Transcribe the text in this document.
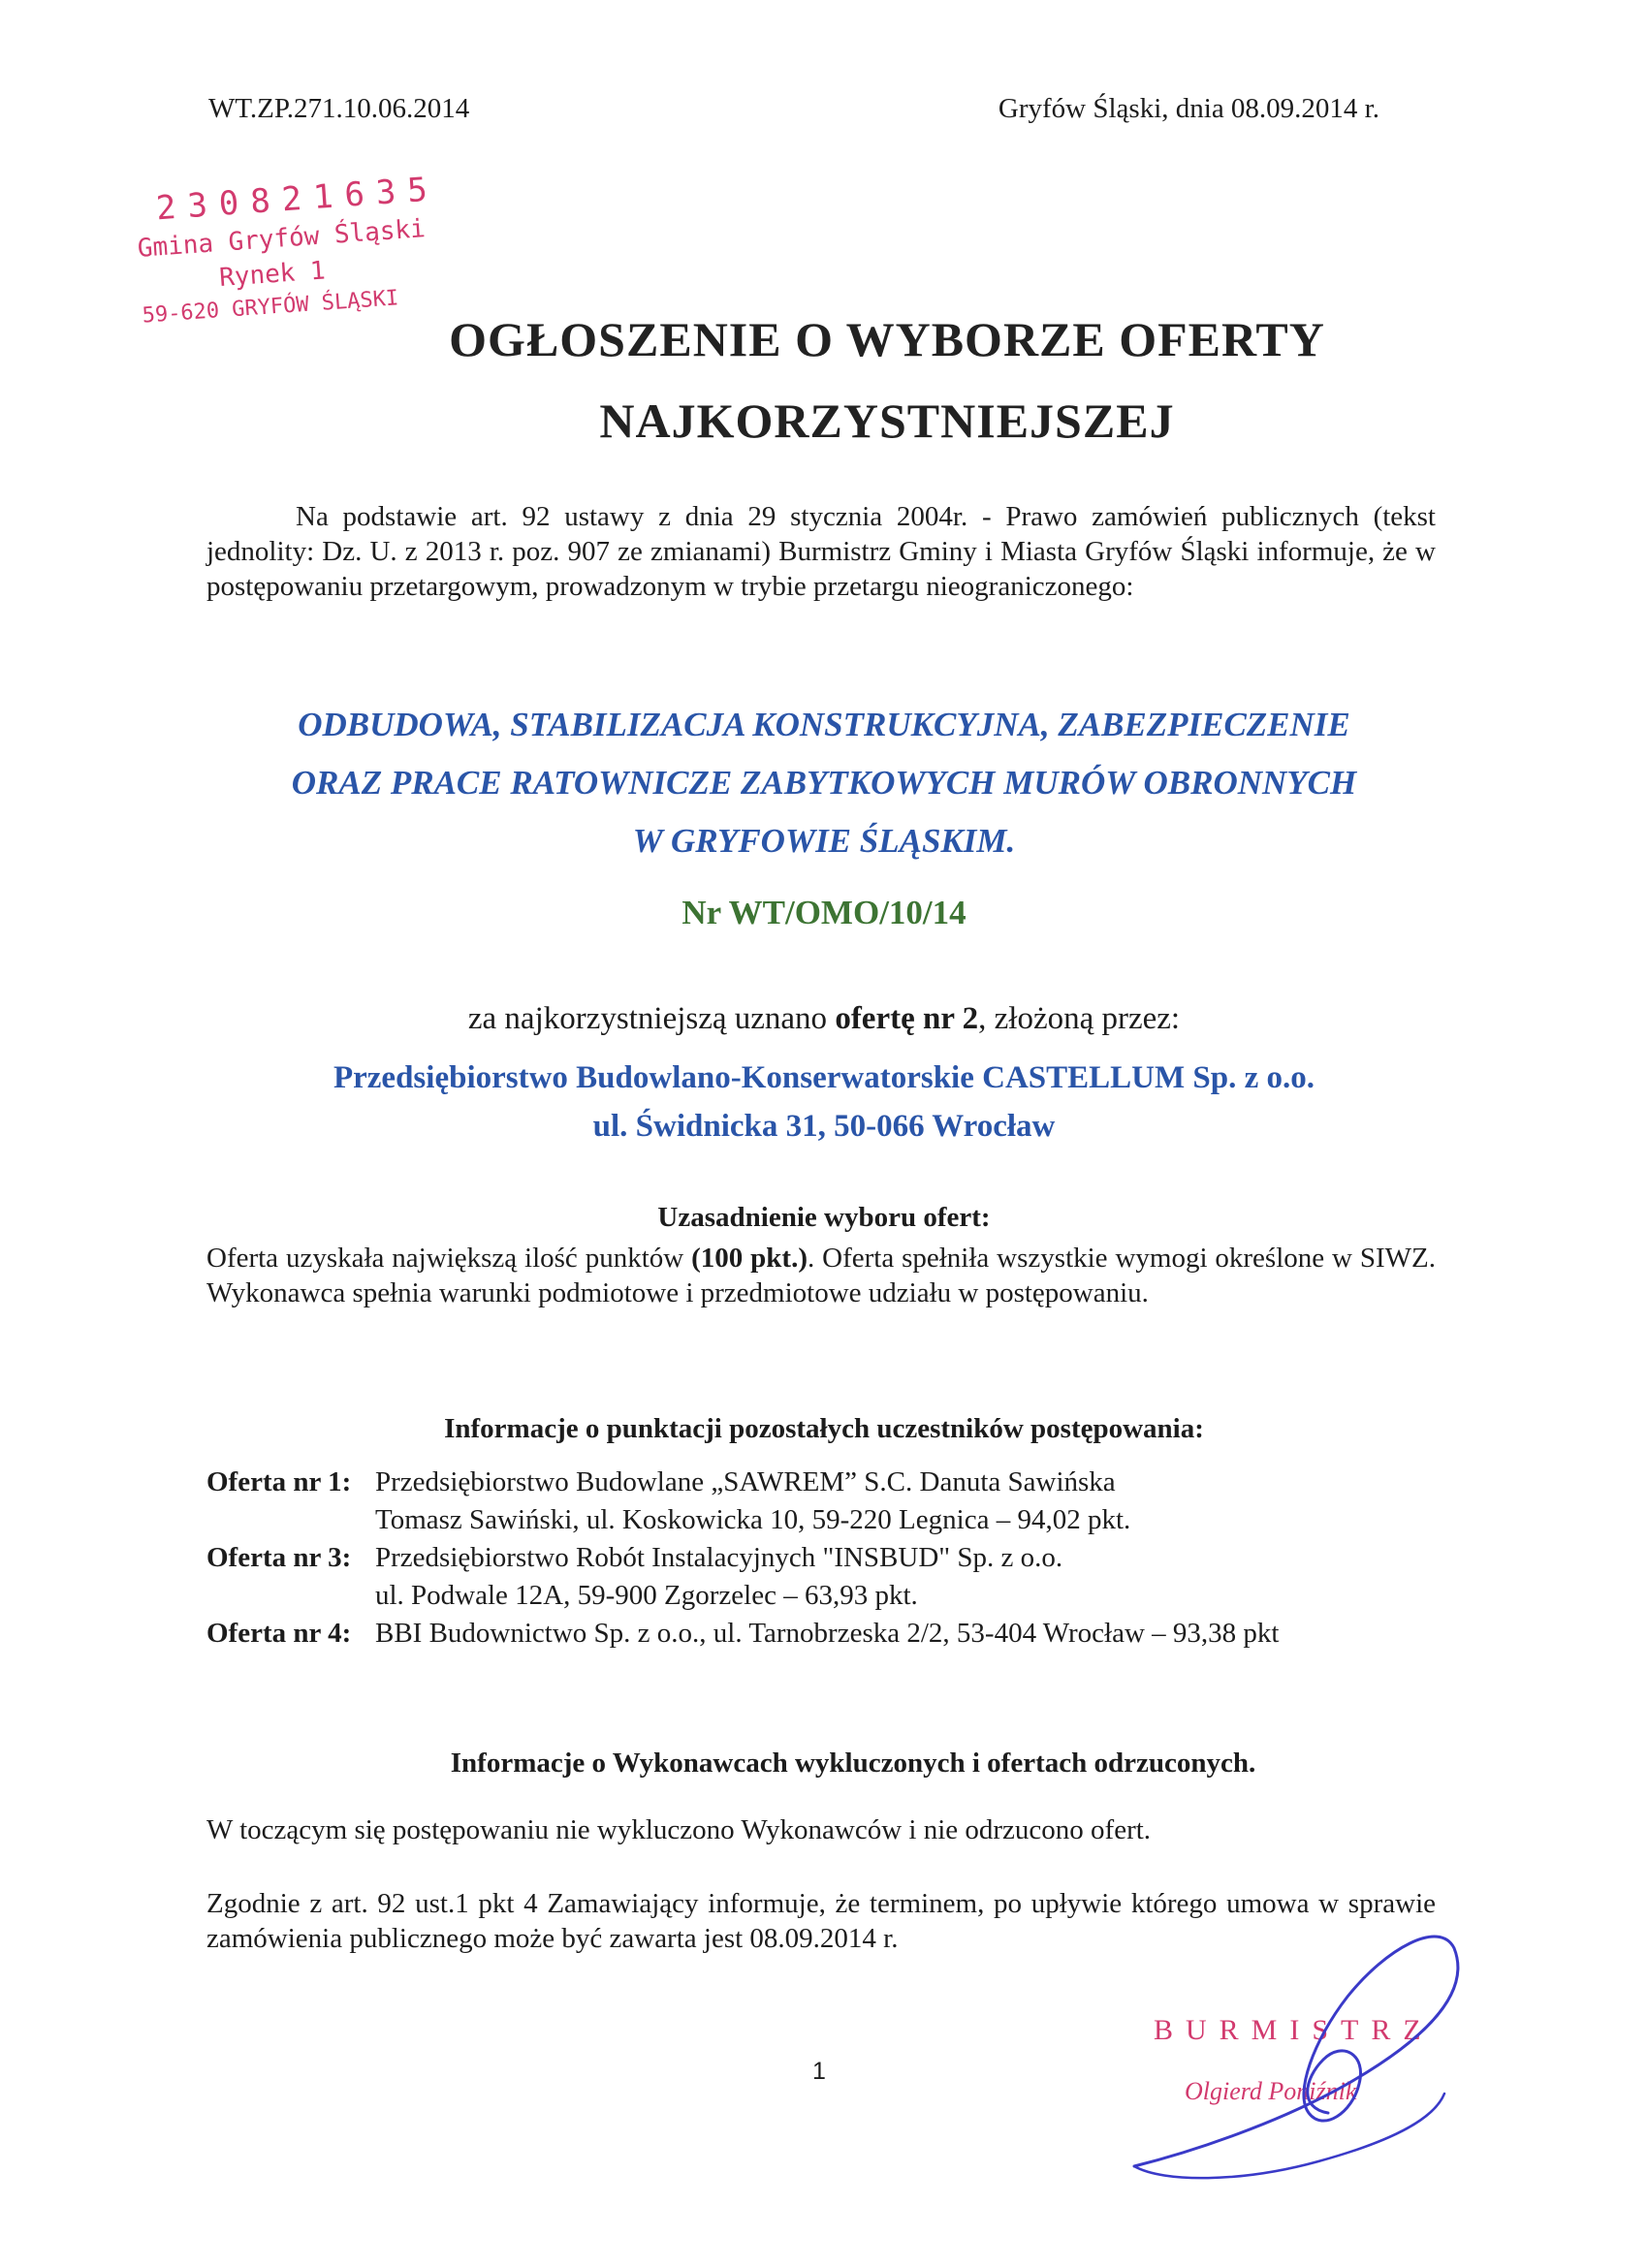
WT.ZP.271.10.06.2014	Gryfów Śląski, dnia 08.09.2014 r.
230821635
Gmina Gryfów Śląski
Rynek 1
59-620 GRYFÓW ŚLĄSKI
OGŁOSZENIE O WYBORZE OFERTY
NAJKORZYSTNIEJSZEJ
Na podstawie art. 92 ustawy z dnia 29 stycznia 2004r. - Prawo zamówień publicznych (tekst jednolity: Dz. U. z 2013 r. poz. 907 ze zmianami) Burmistrz Gminy i Miasta Gryfów Śląski informuje, że w postępowaniu przetargowym, prowadzonym w trybie przetargu nieograniczonego:
ODBUDOWA, STABILIZACJA KONSTRUKCYJNA, ZABEZPIECZENIE
ORAZ PRACE RATOWNICZE ZABYTKOWYCH MURÓW OBRONNYCH
W GRYFOWIE ŚLĄSKIM.
Nr WT/OMO/10/14
za najkorzystniejszą uznano ofertę nr 2, złożoną przez:
Przedsiębiorstwo Budowlano-Konserwatorskie CASTELLUM Sp. z o.o.
ul. Świdnicka 31, 50-066 Wrocław
Uzasadnienie wyboru ofert:
Oferta uzyskała największą ilość punktów (100 pkt.). Oferta spełniła wszystkie wymogi określone w SIWZ. Wykonawca spełnia warunki podmiotowe i przedmiotowe udziału w postępowaniu.
Informacje o punktacji pozostałych uczestników postępowania:
Oferta nr 1: Przedsiębiorstwo Budowlane „SAWREM” S.C. Danuta Sawińska
Tomasz Sawiński, ul. Koskowicka 10, 59-220 Legnica – 94,02 pkt.
Oferta nr 3: Przedsiębiorstwo Robót Instalacyjnych "INSBUD" Sp. z o.o.
ul. Podwale 12A, 59-900 Zgorzelec – 63,93 pkt.
Oferta nr 4: BBI Budownictwo Sp. z o.o., ul. Tarnobrzeska 2/2, 53-404 Wrocław – 93,38 pkt
Informacje o Wykonawcach wykluczonych i ofertach odrzuconych.
W toczącym się postępowaniu nie wykluczono Wykonawców i nie odrzucono ofert.
Zgodnie z art. 92 ust.1 pkt 4 Zamawiający informuje, że terminem, po upływie którego umowa w sprawie zamówienia publicznego może być zawarta jest 08.09.2014 r.
1
BURMISTRZ
Olgierd Poniźnik
